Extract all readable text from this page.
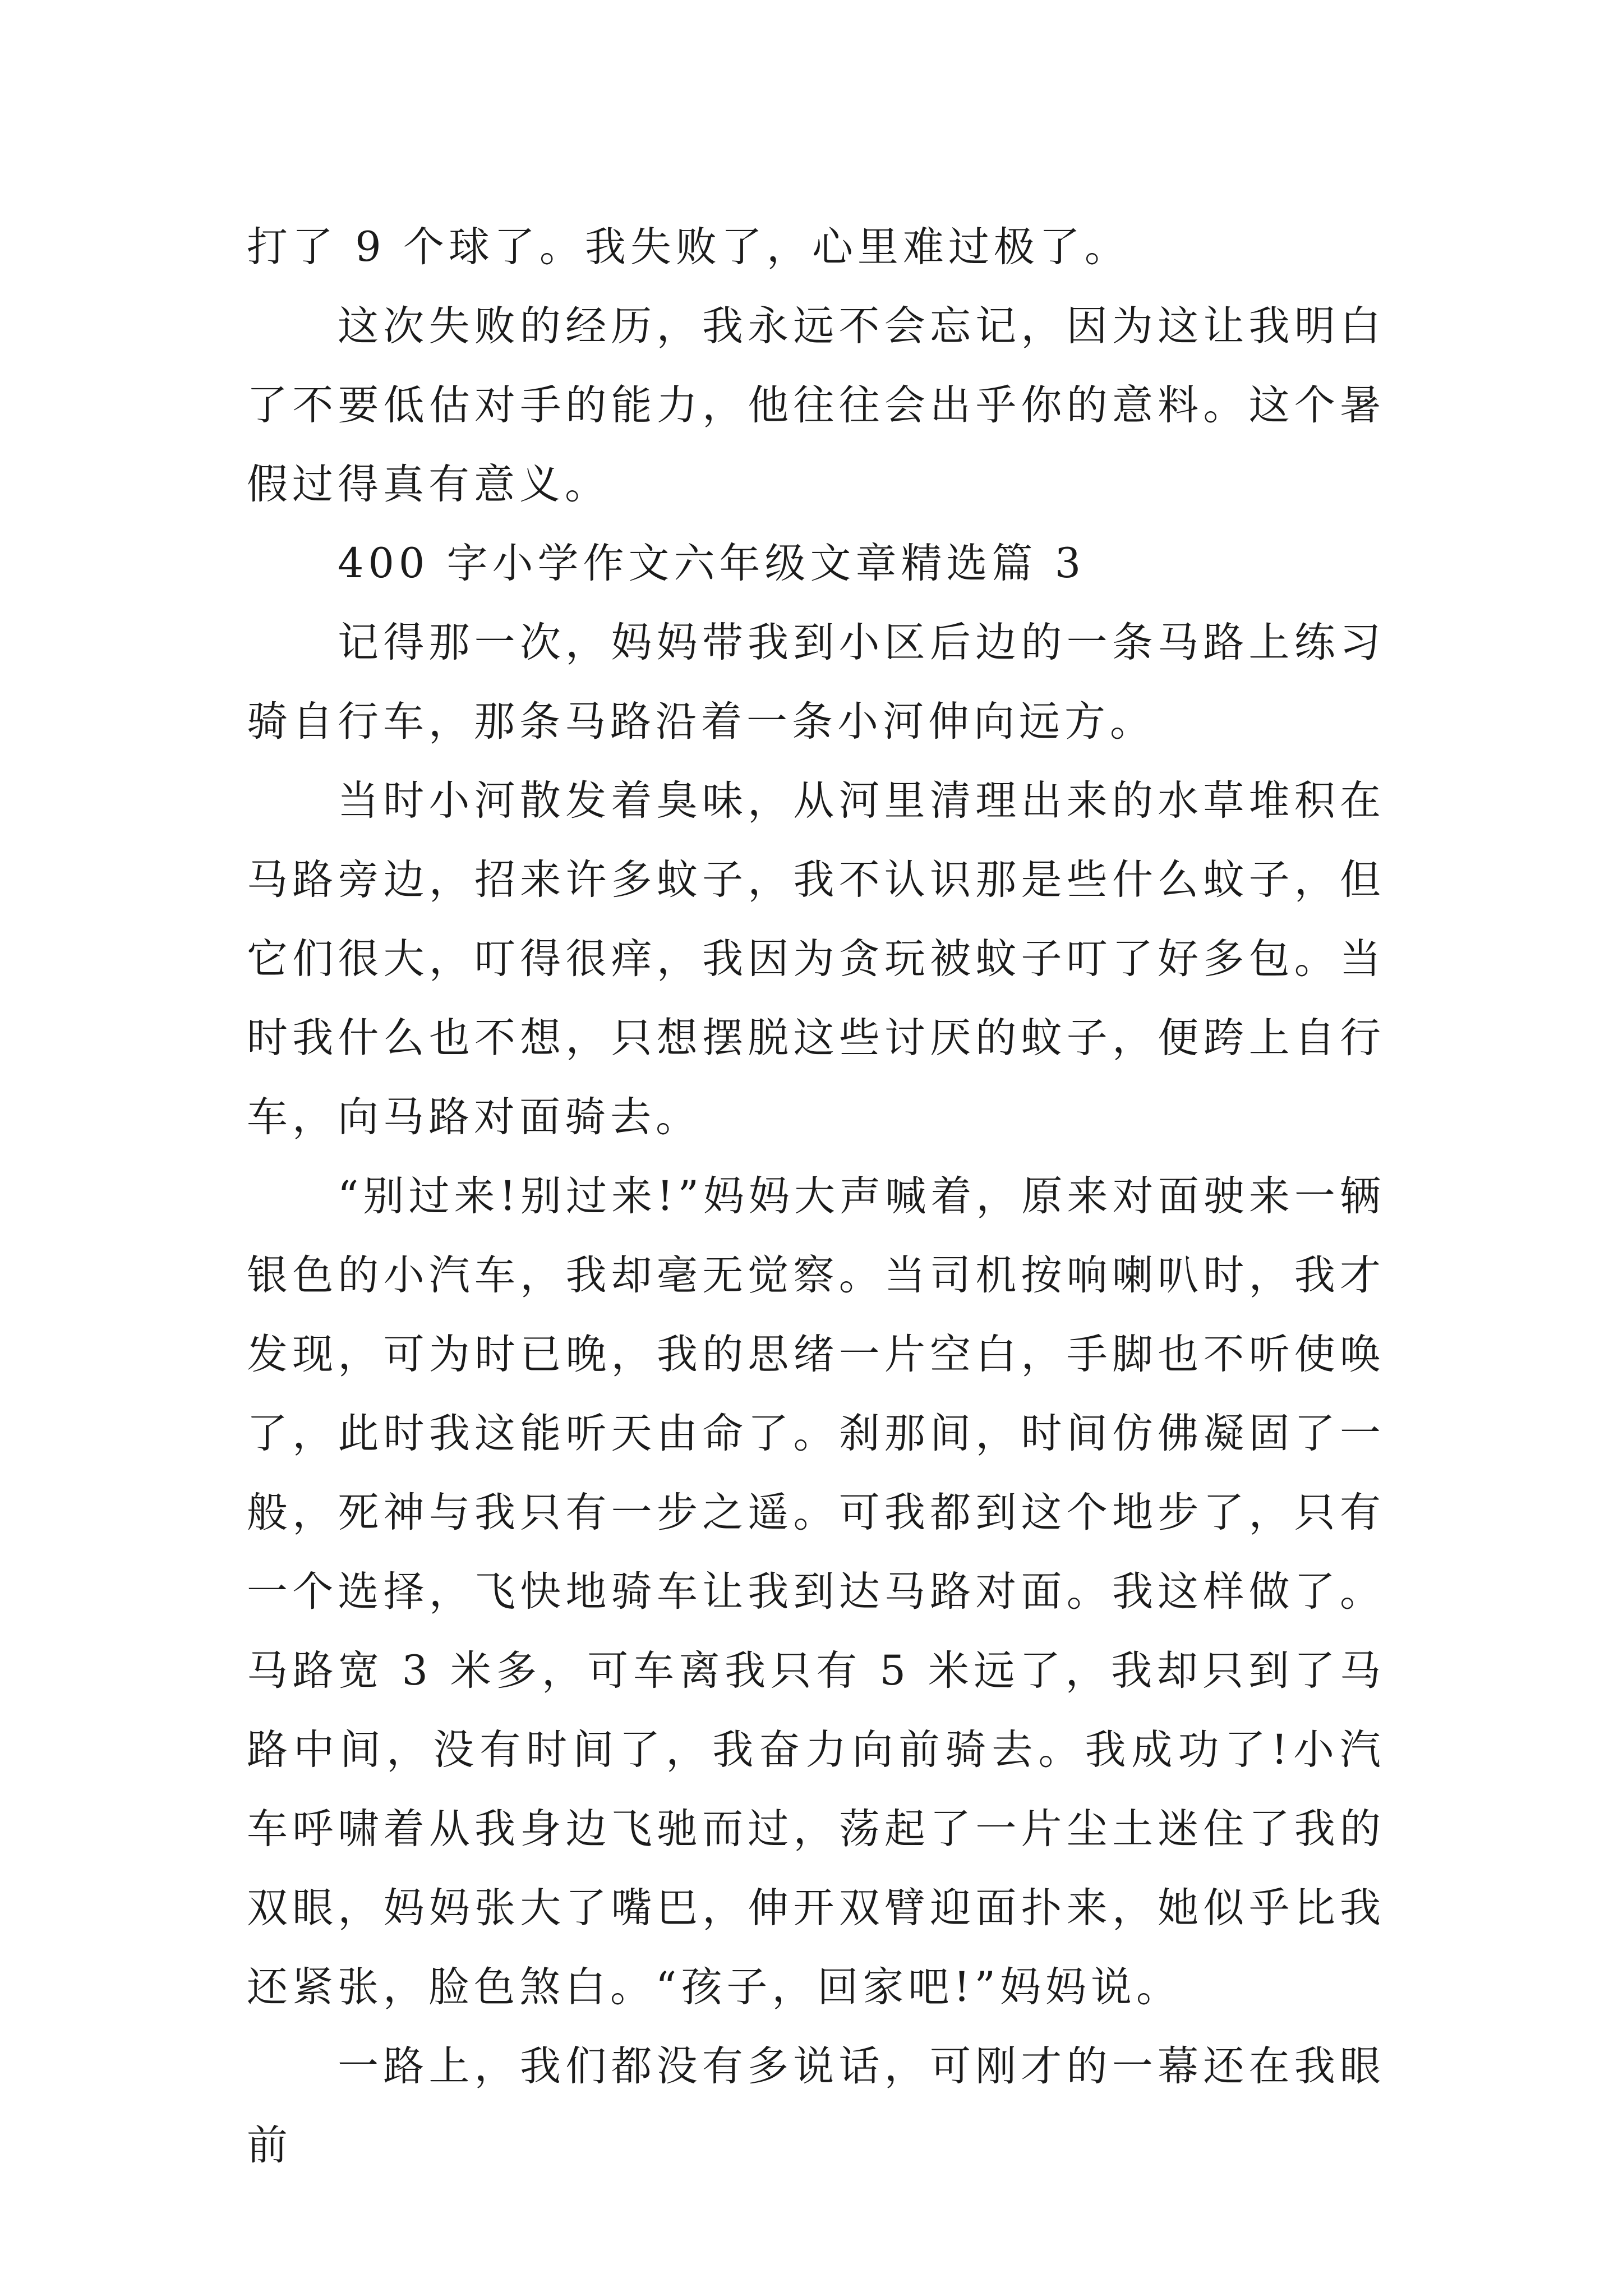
打了 9 个球了。我失败了，心里难过极了。

这次失败的经历，我永远不会忘记，因为这让我明白了不要低估对手的能力，他往往会出乎你的意料。这个暑假过得真有意义。

400 字小学作文六年级文章精选篇 3

记得那一次，妈妈带我到小区后边的一条马路上练习骑自行车，那条马路沿着一条小河伸向远方。

当时小河散发着臭味，从河里清理出来的水草堆积在马路旁边，招来许多蚊子，我不认识那是些什么蚊子，但它们很大，叮得很痒，我因为贪玩被蚊子叮了好多包。当时我什么也不想，只想摆脱这些讨厌的蚊子，便跨上自行车，向马路对面骑去。

“别过来!别过来!”妈妈大声喊着，原来对面驶来一辆银色的小汽车，我却毫无觉察。当司机按响喇叭时，我才发现，可为时已晚，我的思绪一片空白，手脚也不听使唤了，此时我这能听天由命了。刹那间，时间仿佛凝固了一般，死神与我只有一步之遥。可我都到这个地步了，只有一个选择，飞快地骑车让我到达马路对面。我这样做了。马路宽 3 米多，可车离我只有 5 米远了，我却只到了马路中间，没有时间了，我奋力向前骑去。我成功了!小汽车呼啸着从我身边飞驰而过，荡起了一片尘土迷住了我的双眼，妈妈张大了嘴巴，伸开双臂迎面扑来，她似乎比我还紧张，脸色煞白。“孩子，回家吧!”妈妈说。

一路上，我们都没有多说话，可刚才的一幕还在我眼前
